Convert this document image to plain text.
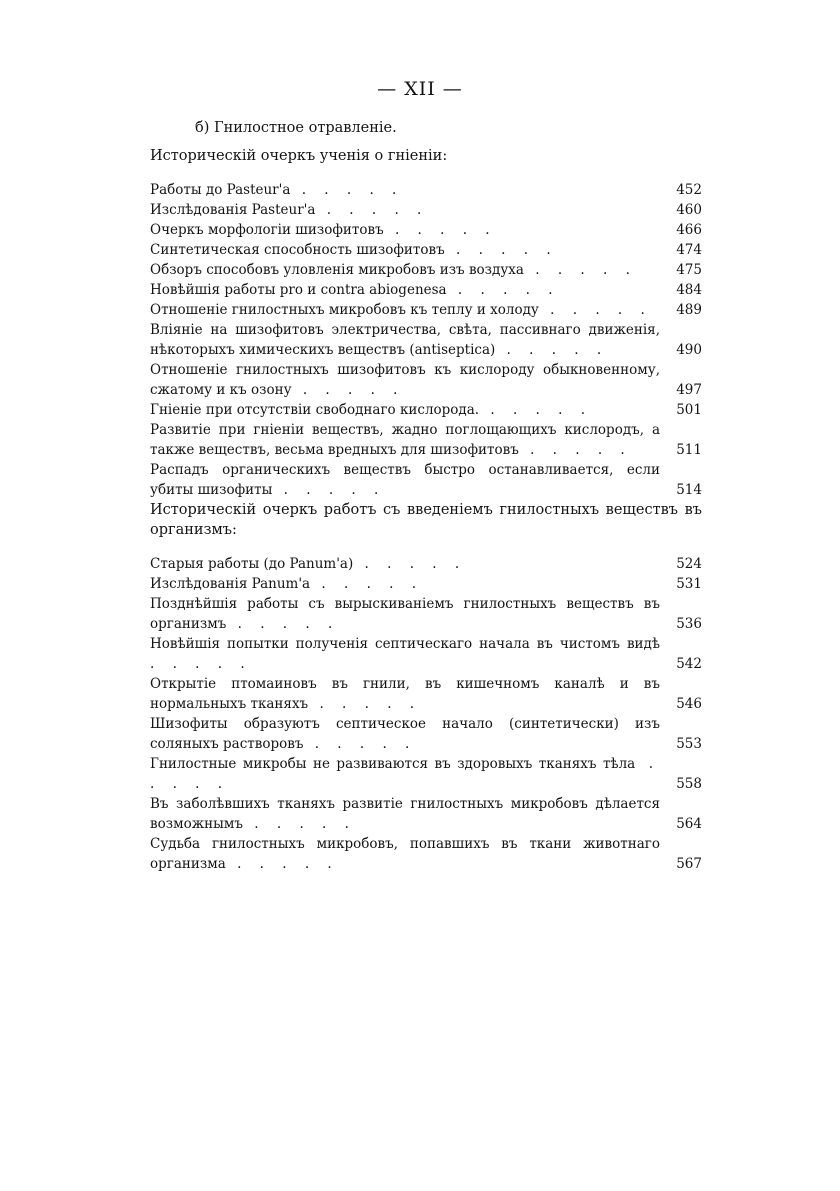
— XII —
б) Гнилостное отравленіе.
Историческій очеркъ ученія о гніеніи:
Работы до Pasteur'a . . . . .	452
Изслѣдованія Pasteur'a . . . . .	460
Очеркъ морфологіи шизофитовъ . . . . .	466
Синтетическая способность шизофитовъ . . . . .	474
Обзоръ способовъ уловленія микробовъ изъ воздуха . . . . .	475
Новѣйшія работы pro и contra abiogenesa . . . . .	484
Отношеніе гнилостныхъ микробовъ къ теплу и холоду . . . . .	489
Вліяніе на шизофитовъ электричества, свѣта, пассивнаго движенія, нѣкоторыхъ химическихъ веществъ (antiseptica) . . . . .	490
Отношеніе гнилостныхъ шизофитовъ къ кислороду обыкновенному, сжатому и къ озону . . . . .	497
Гніеніе при отсутствіи свободнаго кислорода. . . . . .	501
Развитіе при гніеніи веществъ, жадно поглощающихъ кислородъ, а также веществъ, весьма вредныхъ для шизофитовъ . . . . .	511
Распадъ органическихъ веществъ быстро останавливается, если убиты шизофиты . . . . .	514
Историческій очеркъ работъ съ введеніемъ гнилостныхъ веществъ въ организмъ:
Старыя работы (до Panum'a) . . . . .	524
Изслѣдованія Panum'a . . . . .	531
Позднѣйшія работы съ вырыскиваніемъ гнилостныхъ веществъ въ организмъ . . . . .	536
Новѣйшія попытки полученія септическаго начала въ чистомъ видѣ . . . . .	542
Открытіе птомаиновъ въ гнили, въ кишечномъ каналѣ и въ нормальныхъ тканяхъ . . . . .	546
Шизофиты образуютъ септическое начало (синтетически) изъ соляныхъ растворовъ . . . . .	553
Гнилостные микробы не развиваются въ здоровыхъ тканяхъ тѣла . . . . .	558
Въ заболѣвшихъ тканяхъ развитіе гнилостныхъ микробовъ дѣлается возможнымъ . . . . .	564
Судьба гнилостныхъ микробовъ, попавшихъ въ ткани животнаго организма . . . . .	567
